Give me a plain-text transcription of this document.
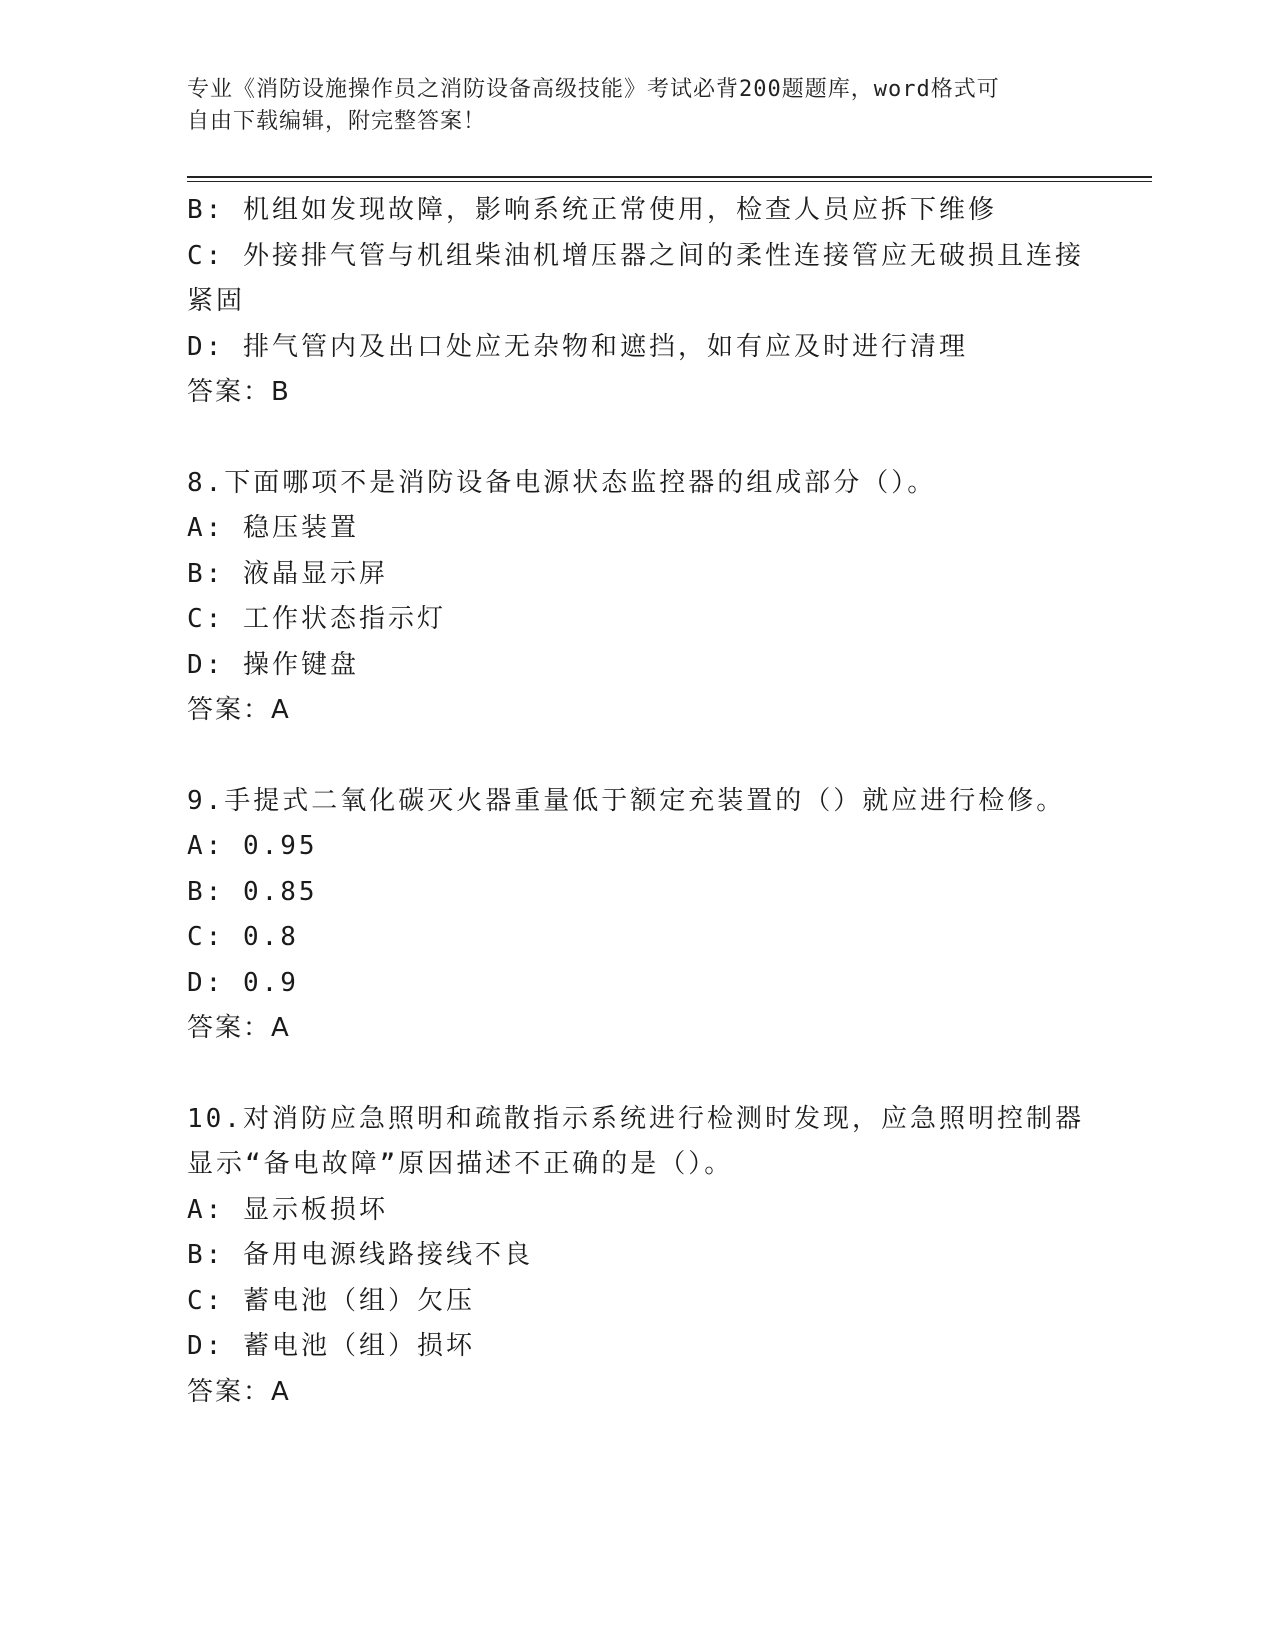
专业《消防设施操作员之消防设备高级技能》考试必背200题题库，word格式可
自由下载编辑，附完整答案！
B: 机组如发现故障，影响系统正常使用，检查人员应拆下维修
C: 外接排气管与机组柴油机增压器之间的柔性连接管应无破损且连接紧固
D: 排气管内及出口处应无杂物和遮挡，如有应及时进行清理
答案：B
8.下面哪项不是消防设备电源状态监控器的组成部分（）。
A: 稳压装置
B: 液晶显示屏
C: 工作状态指示灯
D: 操作键盘
答案：A
9.手提式二氧化碳灭火器重量低于额定充装置的（）就应进行检修。
A: 0.95
B: 0.85
C: 0.8
D: 0.9
答案：A
10.对消防应急照明和疏散指示系统进行检测时发现，应急照明控制器显示“备电故障”原因描述不正确的是（）。
A: 显示板损坏
B: 备用电源线路接线不良
C: 蓄电池（组）欠压
D: 蓄电池（组）损坏
答案：A
